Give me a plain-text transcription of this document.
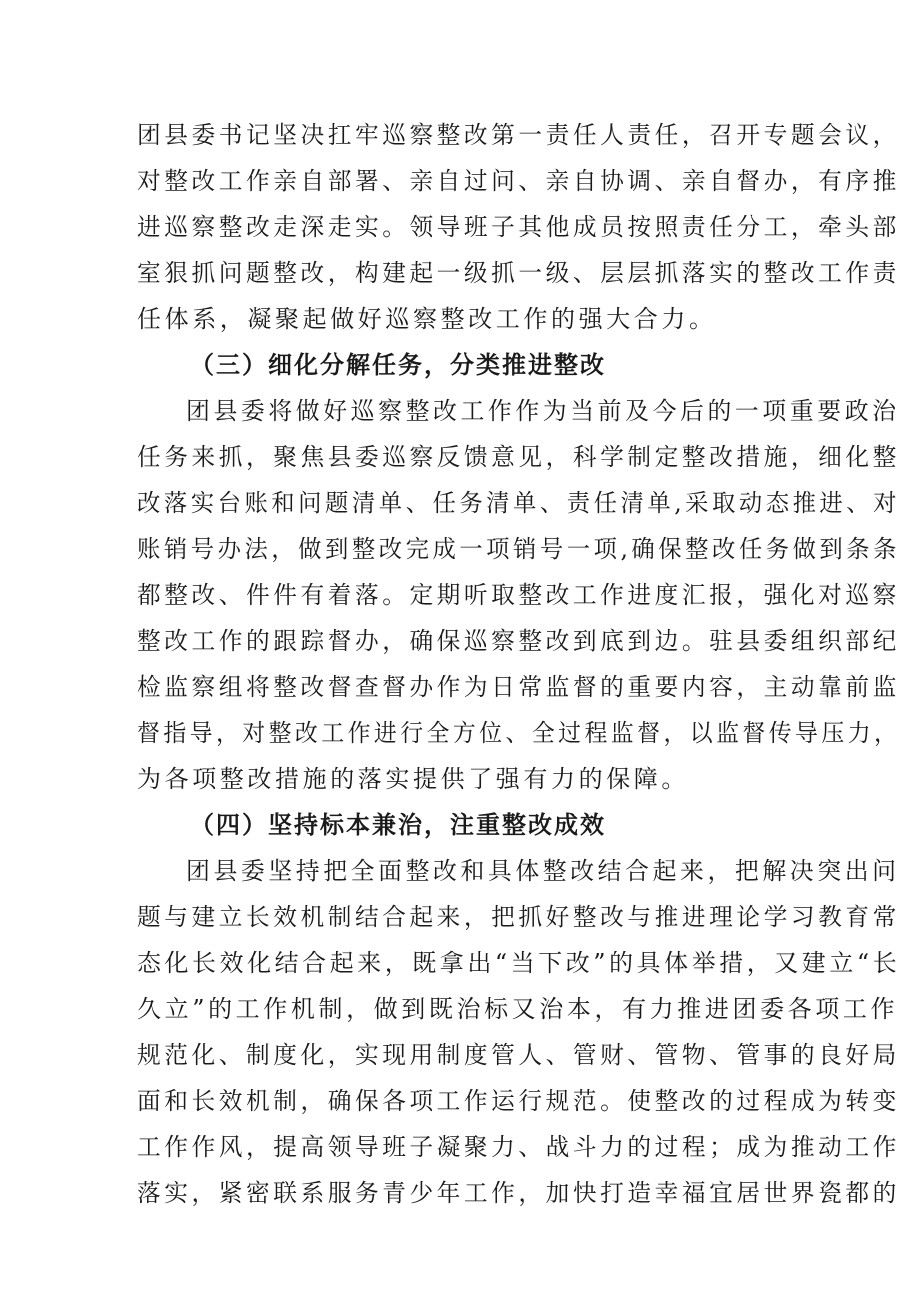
团县委书记坚决扛牢巡察整改第一责任人责任，召开专题会议，
对整改工作亲自部署、亲自过问、亲自协调、亲自督办，有序推
进巡察整改走深走实。领导班子其他成员按照责任分工，牵头部
室狠抓问题整改，构建起一级抓一级、层层抓落实的整改工作责
任体系，凝聚起做好巡察整改工作的强大合力。
（三）细化分解任务，分类推进整改
团县委将做好巡察整改工作作为当前及今后的一项重要政治
任务来抓，聚焦县委巡察反馈意见，科学制定整改措施，细化整
改落实台账和问题清单、任务清单、责任清单,采取动态推进、对
账销号办法，做到整改完成一项销号一项,确保整改任务做到条条
都整改、件件有着落。定期听取整改工作进度汇报，强化对巡察
整改工作的跟踪督办，确保巡察整改到底到边。驻县委组织部纪
检监察组将整改督查督办作为日常监督的重要内容，主动靠前监
督指导，对整改工作进行全方位、全过程监督，以监督传导压力，
为各项整改措施的落实提供了强有力的保障。
（四）坚持标本兼治，注重整改成效
团县委坚持把全面整改和具体整改结合起来，把解决突出问
题与建立长效机制结合起来，把抓好整改与推进理论学习教育常
态化长效化结合起来，既拿出“当下改”的具体举措，又建立“长
久立”的工作机制，做到既治标又治本，有力推进团委各项工作
规范化、制度化，实现用制度管人、管财、管物、管事的良好局
面和长效机制，确保各项工作运行规范。使整改的过程成为转变
工作作风，提高领导班子凝聚力、战斗力的过程；成为推动工作
落实，紧密联系服务青少年工作，加快打造幸福宜居世界瓷都的
